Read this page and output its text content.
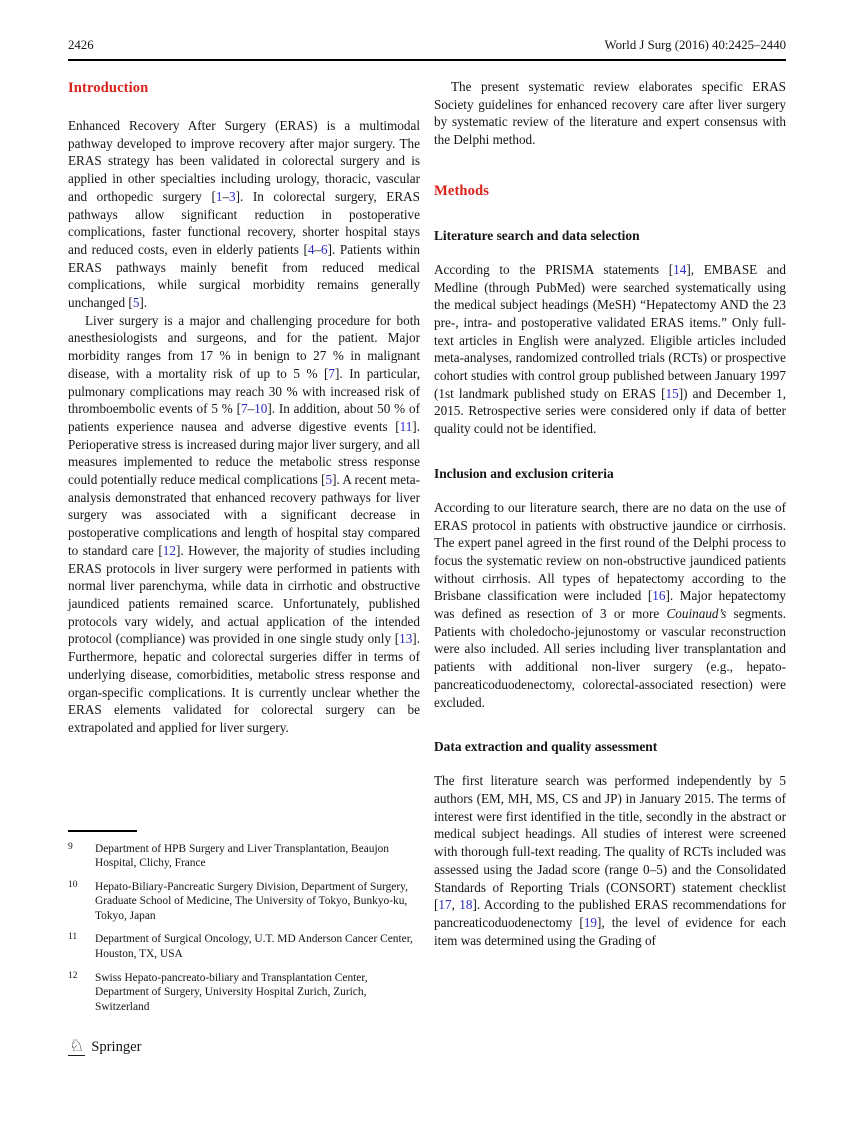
2426	World J Surg (2016) 40:2425–2440
Introduction

Enhanced Recovery After Surgery (ERAS) is a multimodal pathway developed to improve recovery after major surgery. The ERAS strategy has been validated in colorectal surgery and is applied in other specialties including urology, thoracic, vascular and orthopedic surgery [1–3]. In colorectal surgery, ERAS pathways allow significant reduction in postoperative complications, faster functional recovery, shorter hospital stays and reduced costs, even in elderly patients [4–6]. Patients within ERAS pathways mainly benefit from reduced medical complications, while surgical morbidity remains generally unchanged [5].

Liver surgery is a major and challenging procedure for both anesthesiologists and surgeons, and for the patient. Major morbidity ranges from 17 % in benign to 27 % in malignant disease, with a mortality risk of up to 5 % [7]. In particular, pulmonary complications may reach 30 % with increased risk of thromboembolic events of 5 % [7–10]. In addition, about 50 % of patients experience nausea and adverse digestive events [11]. Perioperative stress is increased during major liver surgery, and all measures implemented to reduce the metabolic stress response could potentially reduce medical complications [5]. A recent meta-analysis demonstrated that enhanced recovery pathways for liver surgery was associated with a significant decrease in postoperative complications and length of hospital stay compared to standard care [12]. However, the majority of studies including ERAS protocols in liver surgery were performed in patients with normal liver parenchyma, while data in cirrhotic and obstructive jaundiced patients remained scarce. Unfortunately, published protocols vary widely, and actual application of the intended protocol (compliance) was provided in one single study only [13]. Furthermore, hepatic and colorectal surgeries differ in terms of underlying disease, comorbidities, metabolic stress response and organ-specific complications. It is currently unclear whether the ERAS elements validated for colorectal surgery can be extrapolated and applied for liver surgery.

The present systematic review elaborates specific ERAS Society guidelines for enhanced recovery care after liver surgery by systematic review of the literature and expert consensus with the Delphi method.

Methods
Literature search and data selection

According to the PRISMA statements [14], EMBASE and Medline (through PubMed) were searched systematically using the medical subject headings (MeSH) “Hepatectomy AND the 23 pre-, intra- and postoperative validated ERAS items.” Only full-text articles in English were analyzed. Eligible articles included meta-analyses, randomized controlled trials (RCTs) or prospective cohort studies with control group published between January 1997 (1st landmark published study on ERAS [15]) and December 1, 2015. Retrospective series were considered only if data of better quality could not be identified.

Inclusion and exclusion criteria

According to our literature search, there are no data on the use of ERAS protocol in patients with obstructive jaundice or cirrhosis. The expert panel agreed in the first round of the Delphi process to focus the systematic review on non-obstructive jaundiced patients without cirrhosis. All types of hepatectomy according to the Brisbane classification were included [16]. Major hepatectomy was defined as resection of 3 or more Couinaud’s segments. Patients with choledocho-jejunostomy or vascular reconstruction were also included. All series including liver transplantation and patients with additional non-liver surgery (e.g., hepato-pancreaticoduodenectomy, colorectal-associated resection) were excluded.

Data extraction and quality assessment

The first literature search was performed independently by 5 authors (EM, MH, MS, CS and JP) in January 2015. The terms of interest were first identified in the title, secondly in the abstract or medical subject headings. All studies of interest were screened with thorough full-text reading. The quality of RCTs included was assessed using the Jadad score (range 0–5) and the Consolidated Standards of Reporting Trials (CONSORT) statement checklist [17, 18]. According to the published ERAS recommendations for pancreaticoduodenectomy [19], the level of evidence for each item was determined using the Grading of

9	Department of HPB Surgery and Liver Transplantation, Beaujon Hospital, Clichy, France
10	Hepato-Biliary-Pancreatic Surgery Division, Department of Surgery, Graduate School of Medicine, The University of Tokyo, Bunkyo-ku, Tokyo, Japan
11	Department of Surgical Oncology, U.T. MD Anderson Cancer Center, Houston, TX, USA
12	Swiss Hepato-pancreato-biliary and Transplantation Center, Department of Surgery, University Hospital Zurich, Zurich, Switzerland
♘ Springer
